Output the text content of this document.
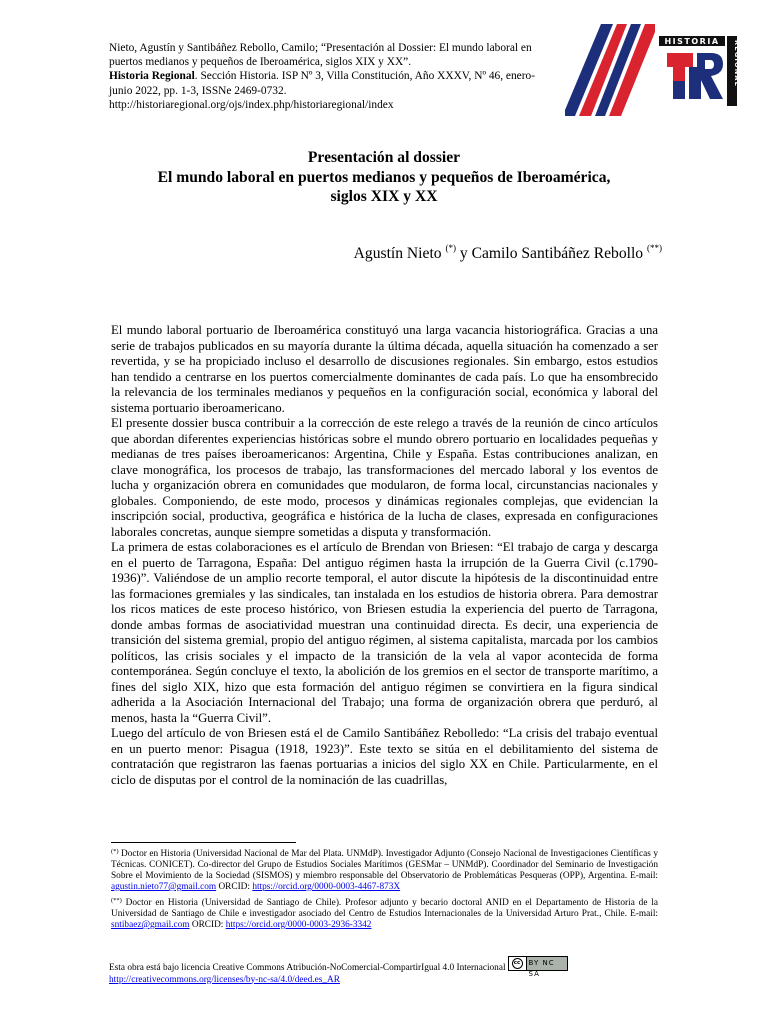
Nieto, Agustín y Santibáñez Rebollo, Camilo; “Presentación al Dossier: El mundo laboral en puertos medianos y pequeños de Iberoamérica, siglos XIX y XX”.

Historia Regional. Sección Historia. ISP Nº 3, Villa Constitución, Año XXXV, Nº 46, enero-junio 2022, pp. 1-3, ISSNe 2469-0732.

http://historiaregional.org/ojs/index.php/historiaregional/index

HISTORIA REGIONAL

Presentación al dossier

El mundo laboral en puertos medianos y pequeños de Iberoamérica,

siglos XIX y XX

Agustín Nieto (*) y Camilo Santibáñez Rebollo (**)

El mundo laboral portuario de Iberoamérica constituyó una larga vacancia historiográfica. Gracias a una serie de trabajos publicados en su mayoría durante la última década, aquella situación ha comenzado a ser revertida, y se ha propiciado incluso el desarrollo de discusiones regionales. Sin embargo, estos estudios han tendido a centrarse en los puertos comercialmente dominantes de cada país. Lo que ha ensombrecido la relevancia de los terminales medianos y pequeños en la configuración social, económica y laboral del sistema portuario iberoamericano.

El presente dossier busca contribuir a la corrección de este relego a través de la reunión de cinco artículos que abordan diferentes experiencias históricas sobre el mundo obrero portuario en localidades pequeñas y medianas de tres países iberoamericanos: Argentina, Chile y España. Estas contribuciones analizan, en clave monográfica, los procesos de trabajo, las transformaciones del mercado laboral y los eventos de lucha y organización obrera en comunidades que modularon, de forma local, circunstancias nacionales y globales. Componiendo, de este modo, procesos y dinámicas regionales complejas, que evidencian la inscripción social, productiva, geográfica e histórica de la lucha de clases, expresada en configuraciones laborales concretas, aunque siempre sometidas a disputa y transformación.

La primera de estas colaboraciones es el artículo de Brendan von Briesen: “El trabajo de carga y descarga en el puerto de Tarragona, España: Del antiguo régimen hasta la irrupción de la Guerra Civil (c.1790-1936)”. Valiéndose de un amplio recorte temporal, el autor discute la hipótesis de la discontinuidad entre las formaciones gremiales y las sindicales, tan instalada en los estudios de historia obrera. Para demostrar los ricos matices de este proceso histórico, von Briesen estudia la experiencia del puerto de Tarragona, donde ambas formas de asociatividad muestran una continuidad directa. Es decir, una experiencia de transición del sistema gremial, propio del antiguo régimen, al sistema capitalista, marcada por los cambios políticos, las crisis sociales y el impacto de la transición de la vela al vapor acontecida de forma contemporánea. Según concluye el texto, la abolición de los gremios en el sector de transporte marítimo, a fines del siglo XIX, hizo que esta formación del antiguo régimen se convirtiera en la figura sindical adherida a la Asociación Internacional del Trabajo; una forma de organización obrera que perduró, al menos, hasta la “Guerra Civil”.

Luego del artículo de von Briesen está el de Camilo Santibáñez Rebolledo: “La crisis del trabajo eventual en un puerto menor: Pisagua (1918, 1923)”. Este texto se sitúa en el debilitamiento del sistema de contratación que registraron las faenas portuarias a inicios del siglo XX en Chile. Particularmente, en el ciclo de disputas por el control de la nominación de las cuadrillas,

(*) Doctor en Historia (Universidad Nacional de Mar del Plata. UNMdP). Investigador Adjunto (Consejo Nacional de Investigaciones Científicas y Técnicas. CONICET). Co-director del Grupo de Estudios Sociales Marítimos (GESMar – UNMdP). Coordinador del Seminario de Investigación Sobre el Movimiento de la Sociedad (SISMOS) y miembro responsable del Observatorio de Problemáticas Pesqueras (OPP), Argentina. E-mail: agustin.nieto77@gmail.com ORCID: https://orcid.org/0000-0003-4467-873X

(**) Doctor en Historia (Universidad de Santiago de Chile). Profesor adjunto y becario doctoral ANID en el Departamento de Historia de la Universidad de Santiago de Chile e investigador asociado del Centro de Estudios Internacionales de la Universidad Arturo Prat., Chile. E-mail: sntibaez@gmail.com ORCID: https://orcid.org/0000-0003-2936-3342

Esta obra está bajo licencia Creative Commons Atribución-NoComercial-CompartirIgual 4.0 Internacional	cc	BY NC SA

http://creativecommons.org/licenses/by-nc-sa/4.0/deed.es_AR
